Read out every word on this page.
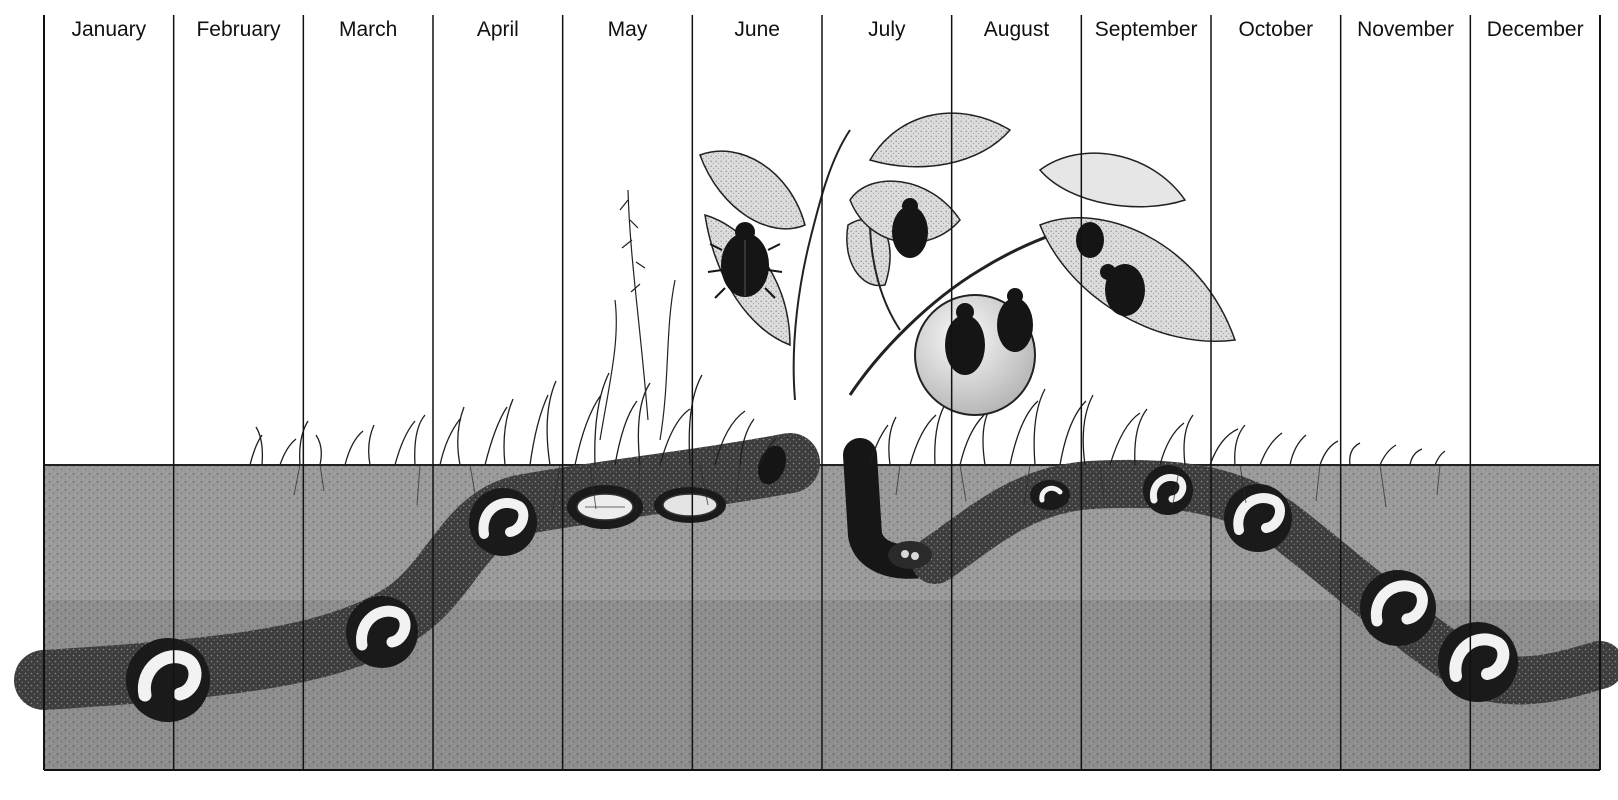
January February	March	April	May	June	July	August September October November December
